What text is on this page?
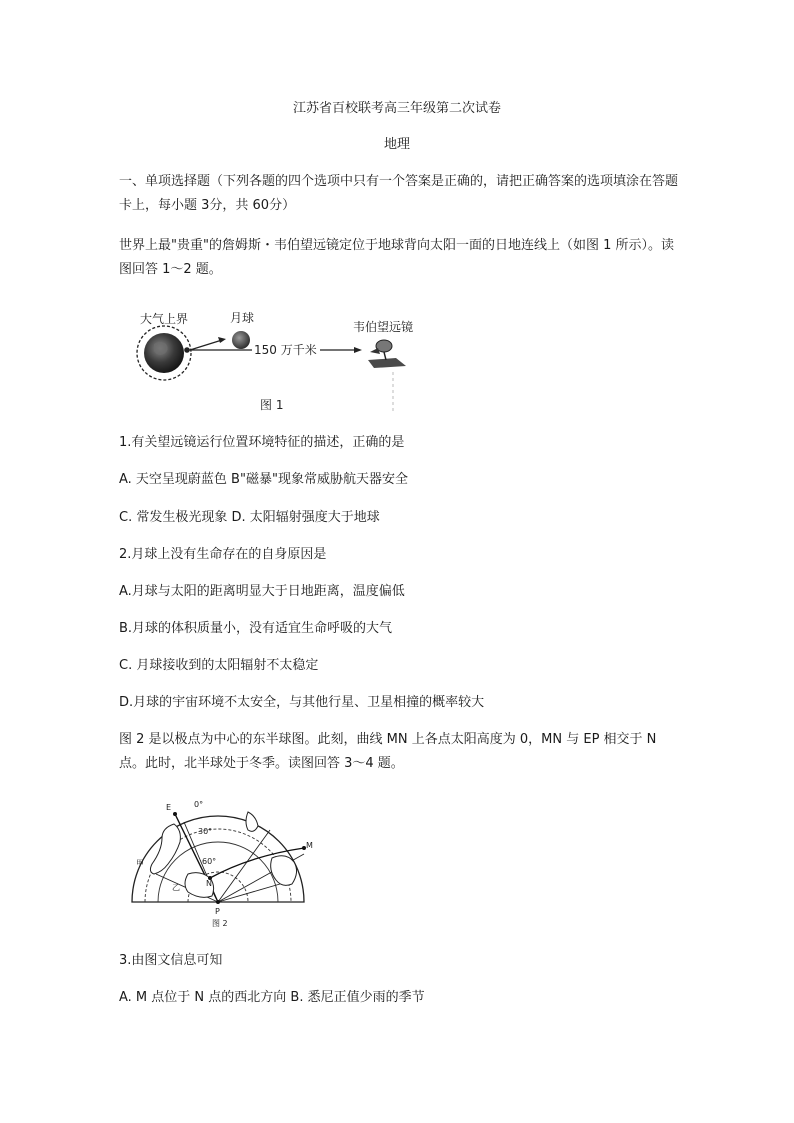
江苏省百校联考高三年级第二次试卷
地理
一、单项选择题（下列各题的四个选项中只有一个答案是正确的，请把正确答案的选项填涂在答题卡上，每小题 3分，共 60分）
世界上最"贵重"的詹姆斯・韦伯望远镜定位于地球背向太阳一面的日地连线上（如图 1 所示）。读图回答 1～2 题。
大气上界	月球
150 万千米
韦伯望远镜
图 1
1.有关望远镜运行位置环境特征的描述，正确的是
A. 天空呈现蔚蓝色 B"磁暴"现象常威胁航天器安全
C. 常发生极光现象 D. 太阳辐射强度大于地球
2.月球上没有生命存在的自身原因是
A.月球与太阳的距离明显大于日地距离，温度偏低
B.月球的体积质量小，没有适宜生命呼吸的大气
C. 月球接收到的太阳辐射不太稳定
D.月球的宇宙环境不太安全，与其他行星、卫星相撞的概率较大
图 2 是以极点为中心的东半球图。此刻，曲线 MN 上各点太阳高度为 0，MN 与 EP 相交于 N 点。此时，北半球处于冬季。读图回答 3～4 题。
E	0°
30°
60°
N
M
P
甲
乙
图 2
3.由图文信息可知
A. M 点位于 N 点的西北方向 B. 悉尼正值少雨的季节
